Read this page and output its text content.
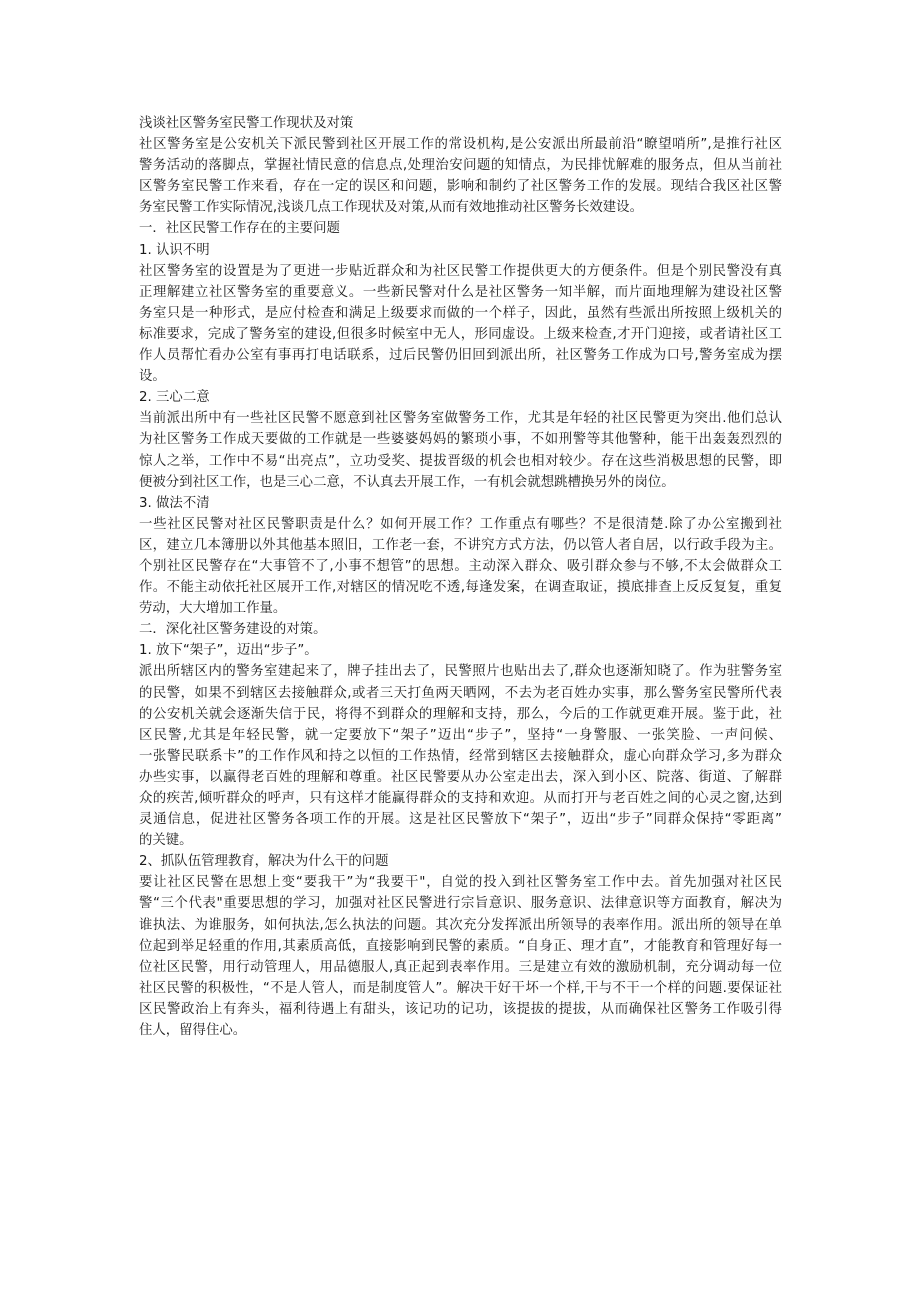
浅谈社区警务室民警工作现状及对策
社区警务室是公安机关下派民警到社区开展工作的常设机构,是公安派出所最前沿“瞭望哨所”,是推行社区
警务活动的落脚点，掌握社情民意的信息点,处理治安问题的知情点，为民排忧解难的服务点，但从当前社
区警务室民警工作来看，存在一定的误区和问题，影响和制约了社区警务工作的发展。现结合我区社区警
务室民警工作实际情况,浅谈几点工作现状及对策,从而有效地推动社区警务长效建设。
一．社区民警工作存在的主要问题
1. 认识不明
社区警务室的设置是为了更进一步贴近群众和为社区民警工作提供更大的方便条件。但是个别民警没有真
正理解建立社区警务室的重要意义。一些新民警对什么是社区警务一知半解，而片面地理解为建设社区警
务室只是一种形式，是应付检查和满足上级要求而做的一个样子，因此，虽然有些派出所按照上级机关的
标准要求，完成了警务室的建设,但很多时候室中无人，形同虚设。上级来检查,才开门迎接，或者请社区工
作人员帮忙看办公室有事再打电话联系，过后民警仍旧回到派出所，社区警务工作成为口号,警务室成为摆
设。
2. 三心二意
当前派出所中有一些社区民警不愿意到社区警务室做警务工作，尤其是年轻的社区民警更为突出.他们总认
为社区警务工作成天要做的工作就是一些婆婆妈妈的繁琐小事，不如刑警等其他警种，能干出轰轰烈烈的
惊人之举，工作中不易“出亮点”，立功受奖、提拔晋级的机会也相对较少。存在这些消极思想的民警，即
便被分到社区工作，也是三心二意，不认真去开展工作，一有机会就想跳槽换另外的岗位。
3. 做法不清
一些社区民警对社区民警职责是什么？如何开展工作？工作重点有哪些？不是很清楚.除了办公室搬到社
区，建立几本簿册以外其他基本照旧，工作老一套，不讲究方式方法，仍以管人者自居，以行政手段为主。
个别社区民警存在“大事管不了,小事不想管”的思想。主动深入群众、吸引群众参与不够,不太会做群众工
作。不能主动依托社区展开工作,对辖区的情况吃不透,每逢发案，在调查取证，摸底排查上反反复复，重复
劳动，大大增加工作量。
二．深化社区警务建设的对策。
1. 放下“架子”，迈出“步子”。
派出所辖区内的警务室建起来了，牌子挂出去了，民警照片也贴出去了,群众也逐渐知晓了。作为驻警务室
的民警，如果不到辖区去接触群众,或者三天打鱼两天晒网，不去为老百姓办实事，那么警务室民警所代表
的公安机关就会逐渐失信于民，将得不到群众的理解和支持，那么，今后的工作就更难开展。鉴于此，社
区民警,尤其是年轻民警，就一定要放下“架子”迈出“步子”，坚持“一身警服、一张笑脸、一声问候、
一张警民联系卡”的工作作风和持之以恒的工作热情，经常到辖区去接触群众，虚心向群众学习,多为群众
办些实事，以赢得老百姓的理解和尊重。社区民警要从办公室走出去，深入到小区、院落、街道、了解群
众的疾苦,倾听群众的呼声，只有这样才能赢得群众的支持和欢迎。从而打开与老百姓之间的心灵之窗,达到
灵通信息，促进社区警务各项工作的开展。这是社区民警放下“架子”，迈出“步子”同群众保持“零距离”
的关键。
2、抓队伍管理教育，解决为什么干的问题
要让社区民警在思想上变“要我干”为“我要干"，自觉的投入到社区警务室工作中去。首先加强对社区民
警“三个代表"重要思想的学习，加强对社区民警进行宗旨意识、服务意识、法律意识等方面教育，解决为
谁执法、为谁服务，如何执法,怎么执法的问题。其次充分发挥派出所领导的表率作用。派出所的领导在单
位起到举足轻重的作用,其素质高低，直接影响到民警的素质。“自身正、理才直”，才能教育和管理好每一
位社区民警，用行动管理人，用品德服人,真正起到表率作用。三是建立有效的激励机制，充分调动每一位
社区民警的积极性，“不是人管人，而是制度管人”。解决干好干坏一个样,干与不干一个样的问题.要保证社
区民警政治上有奔头，福利待遇上有甜头，该记功的记功，该提拔的提拔，从而确保社区警务工作吸引得
住人，留得住心。
